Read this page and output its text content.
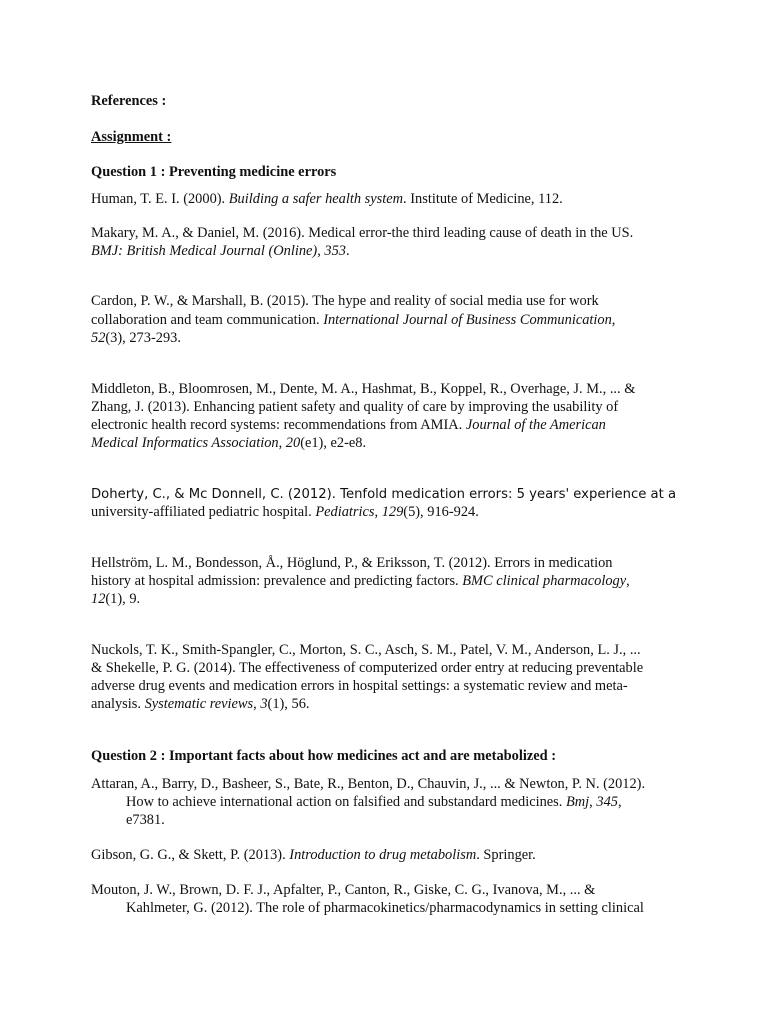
References :
Assignment :
Question 1 : Preventing medicine errors
Human, T. E. I. (2000). Building a safer health system. Institute of Medicine, 112.
Makary, M. A., & Daniel, M. (2016). Medical error-the third leading cause of death in the US.
BMJ: British Medical Journal (Online), 353.
Cardon, P. W., & Marshall, B. (2015). The hype and reality of social media use for work
collaboration and team communication. International Journal of Business Communication,
52(3), 273-293.
Middleton, B., Bloomrosen, M., Dente, M. A., Hashmat, B., Koppel, R., Overhage, J. M., ... &
Zhang, J. (2013). Enhancing patient safety and quality of care by improving the usability of
electronic health record systems: recommendations from AMIA. Journal of the American
Medical Informatics Association, 20(e1), e2-e8.
Doherty, C., & Mc Donnell, C. (2012). Tenfold medication errors: 5 years' experience at a
university-affiliated pediatric hospital. Pediatrics, 129(5), 916-924.
Hellström, L. M., Bondesson, Å., Höglund, P., & Eriksson, T. (2012). Errors in medication
history at hospital admission: prevalence and predicting factors. BMC clinical pharmacology,
12(1), 9.
Nuckols, T. K., Smith-Spangler, C., Morton, S. C., Asch, S. M., Patel, V. M., Anderson, L. J., ...
& Shekelle, P. G. (2014). The effectiveness of computerized order entry at reducing preventable
adverse drug events and medication errors in hospital settings: a systematic review and meta-
analysis. Systematic reviews, 3(1), 56.
Question 2 : Important facts about how medicines act and are metabolized :
Attaran, A., Barry, D., Basheer, S., Bate, R., Benton, D., Chauvin, J., ... & Newton, P. N. (2012).
How to achieve international action on falsified and substandard medicines. Bmj, 345,
e7381.
Gibson, G. G., & Skett, P. (2013). Introduction to drug metabolism. Springer.
Mouton, J. W., Brown, D. F. J., Apfalter, P., Canton, R., Giske, C. G., Ivanova, M., ... &
Kahlmeter, G. (2012). The role of pharmacokinetics/pharmacodynamics in setting clinical
